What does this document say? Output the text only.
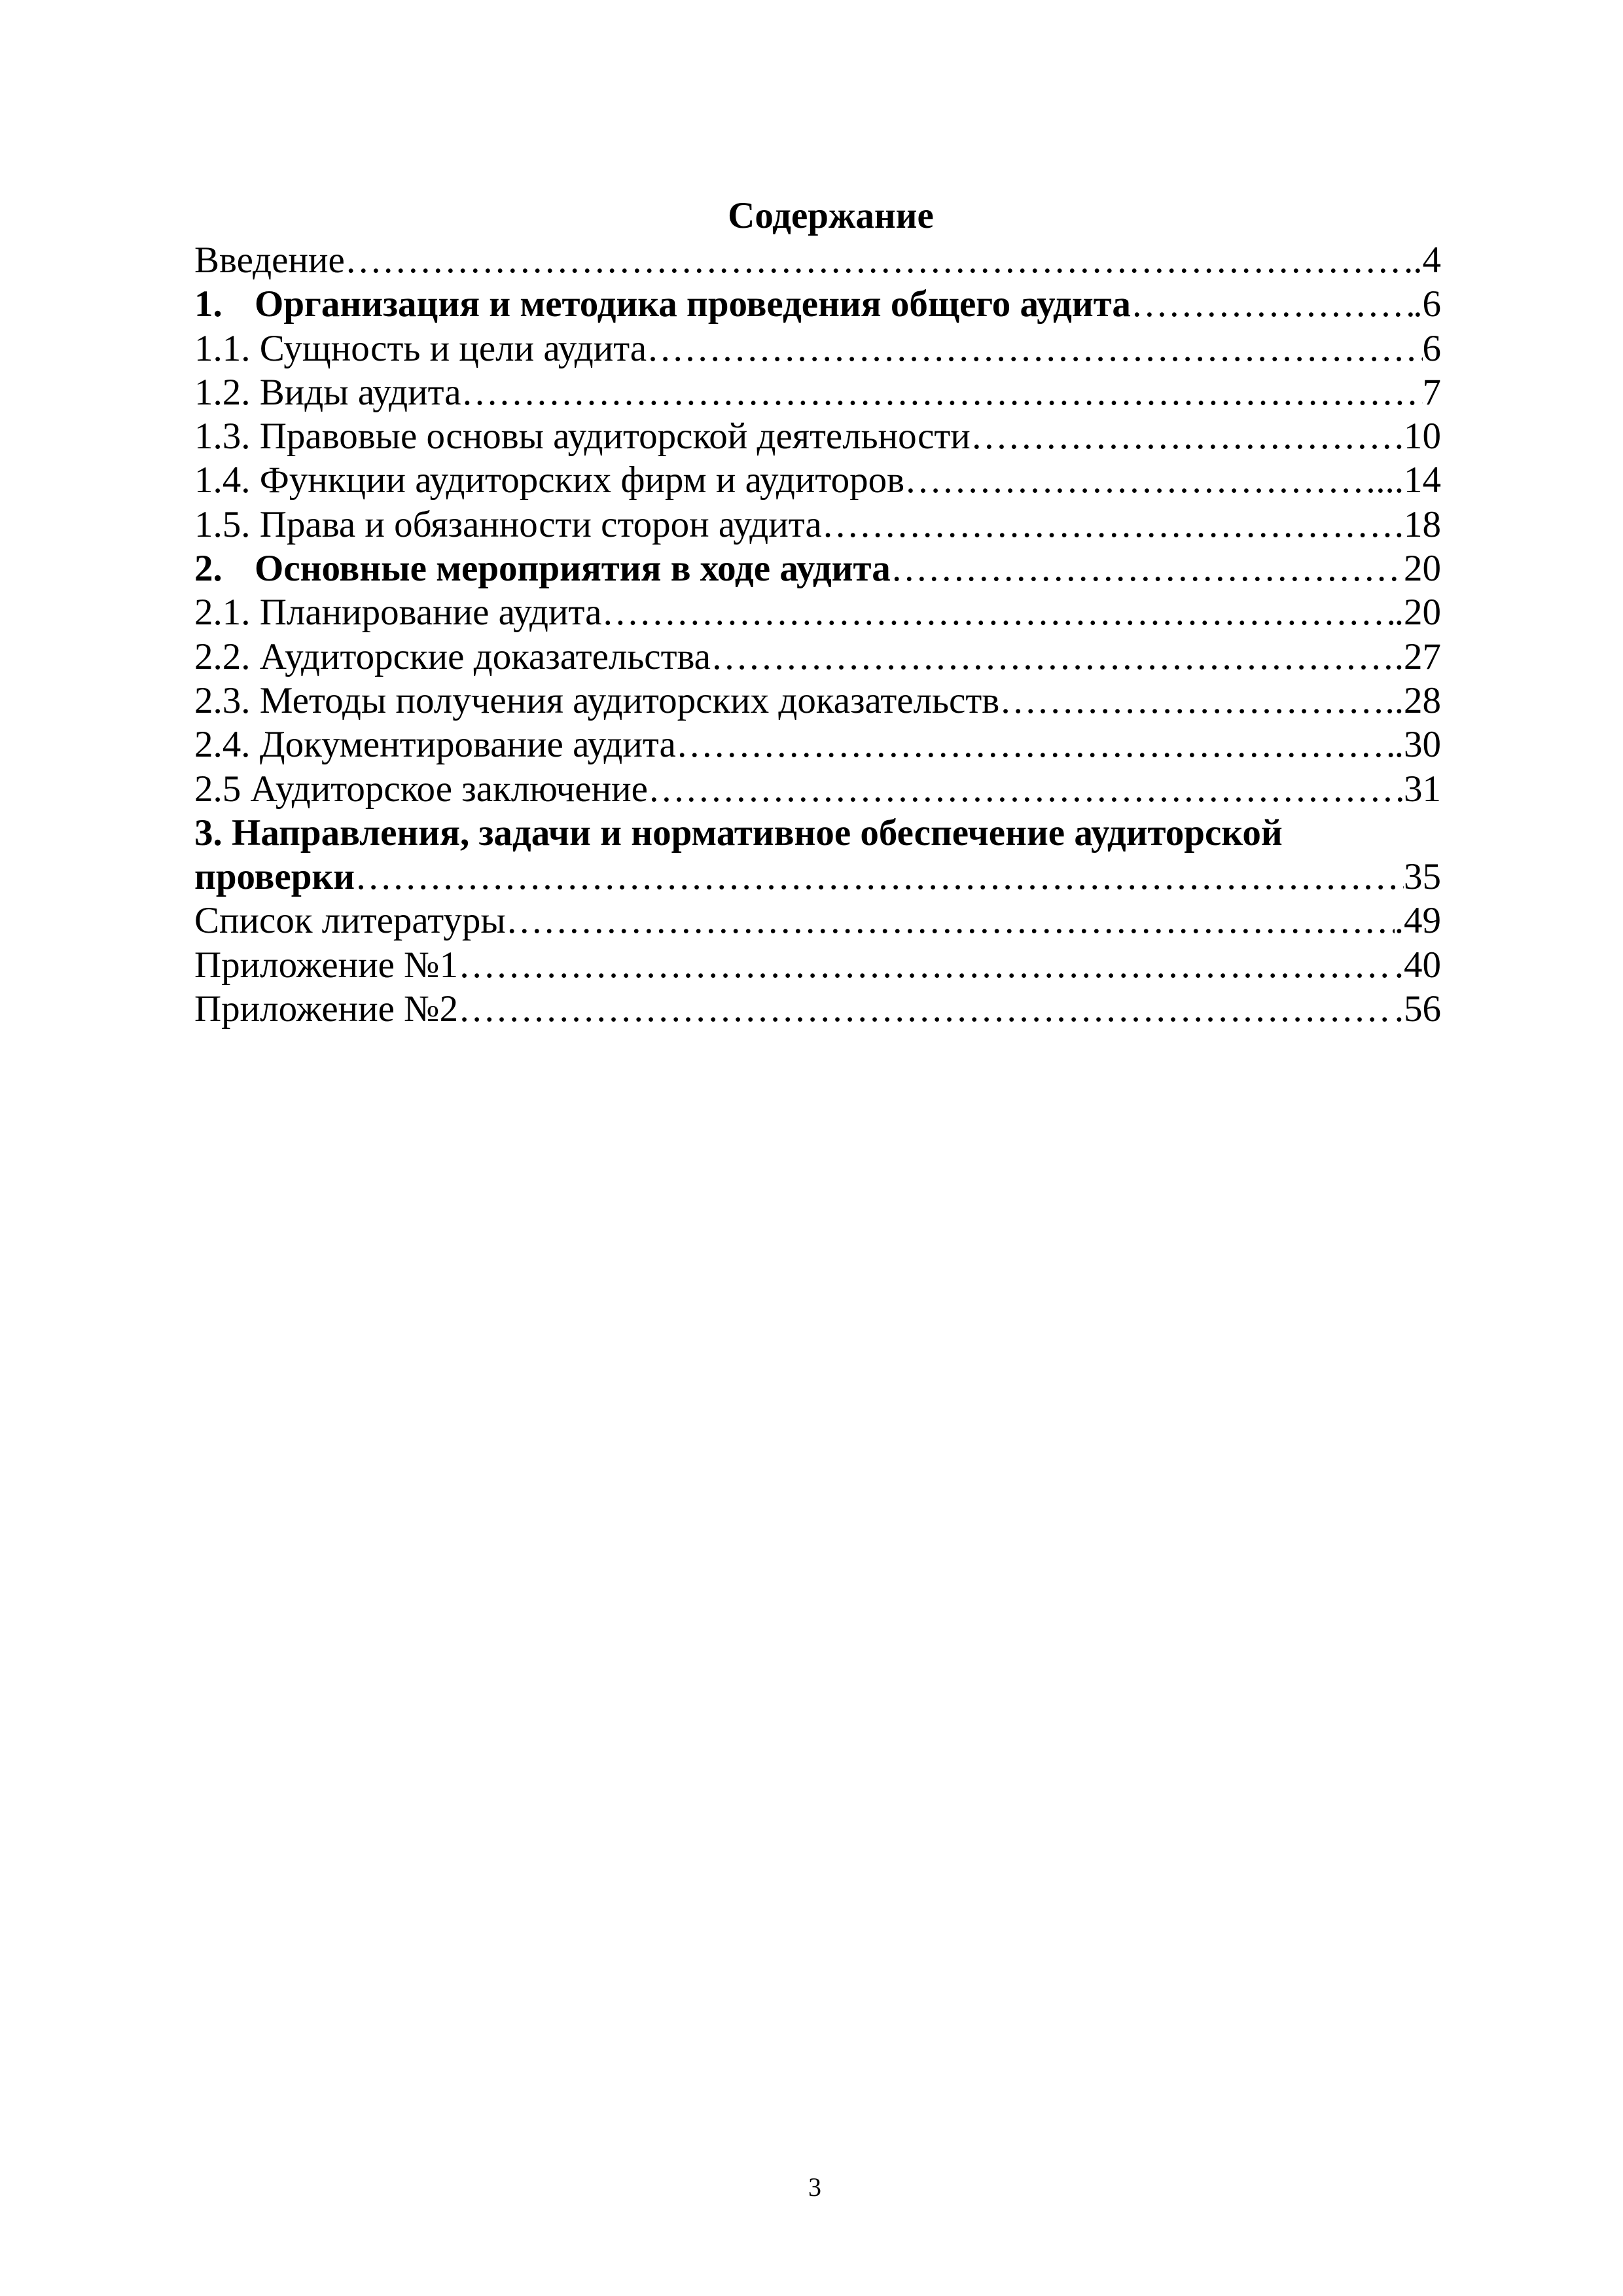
Содержание
Введение ………………………………………………………………………………………………………………………………………………………………………………………………	..4
1. Организация и методика проведения общего аудита ………………………………………………………………………………………………………………………………………………………………………………………………	.6
1.1. Сущность и цели аудита ………………………………………………………………………………………………………………………………………………………………………………………………	6
1.2. Виды аудита ………………………………………………………………………………………………………………………………………………………………………………………………	7
1.3. Правовые основы аудиторской деятельности ………………………………………………………………………………………………………………………………………………………………………………………………	.10
1.4. Функции аудиторских фирм и аудиторов ………………………………………………………………………………………………………………………………………………………………………………………………	...14
1.5. Права и обязанности сторон аудита ………………………………………………………………………………………………………………………………………………………………………………………………	.18
2. Основные мероприятия в ходе аудита ………………………………………………………………………………………………………………………………………………………………………………………………	20
2.1. Планирование аудита ………………………………………………………………………………………………………………………………………………………………………………………………	.20
2.2. Аудиторские доказательства ………………………………………………………………………………………………………………………………………………………………………………………………	.27
2.3. Методы получения аудиторских доказательств ………………………………………………………………………………………………………………………………………………………………………………………………	..28
2.4. Документирование аудита ………………………………………………………………………………………………………………………………………………………………………………………………	.30
2.5 Аудиторское заключение ………………………………………………………………………………………………………………………………………………………………………………………………	31
3. Направления, задачи и нормативное обеспечение аудиторской
проверки ………………………………………………………………………………………………………………………………………………………………………………………………	35
Список литературы ………………………………………………………………………………………………………………………………………………………………………………………………	.49
Приложение №1 ………………………………………………………………………………………………………………………………………………………………………………………………	.40
Приложение №2 ………………………………………………………………………………………………………………………………………………………………………………………………	.56
3
